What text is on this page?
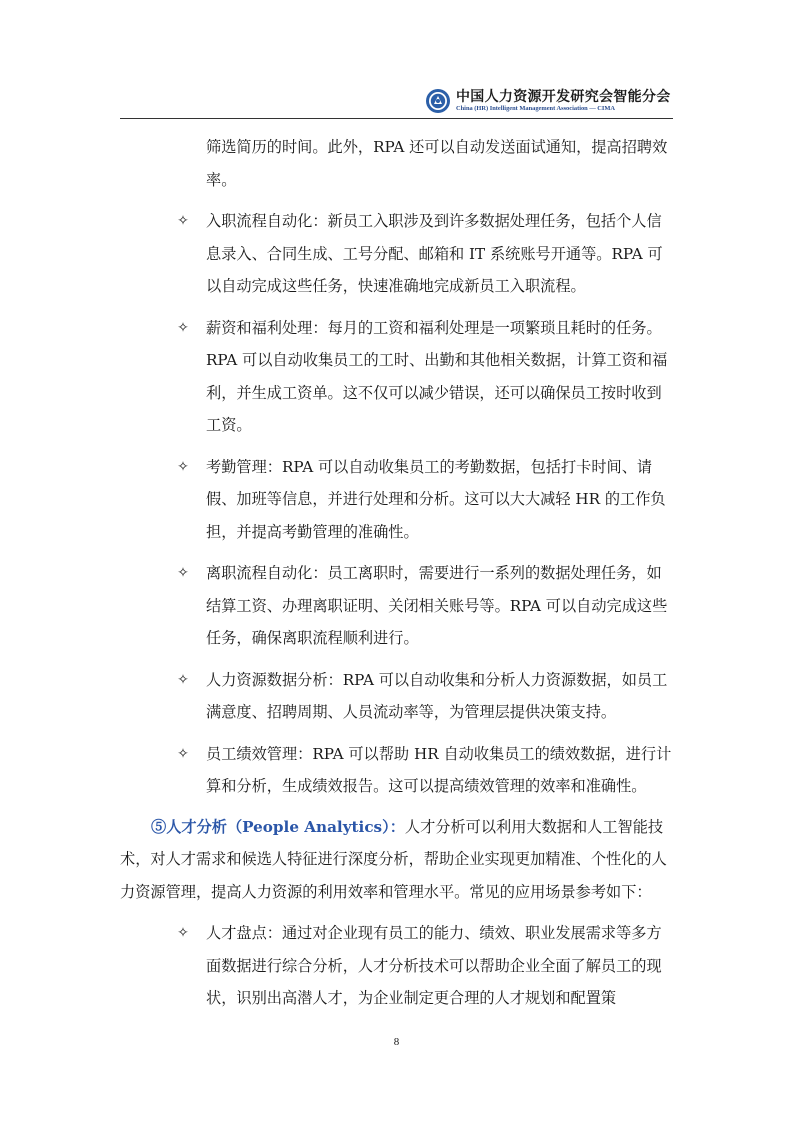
中国人力资源开发研究会智能分会
China (HR) Intelligent Management Association — CIMA
筛选简历的时间。此外，RPA 还可以自动发送面试通知，提高招聘效率。
✧ 入职流程自动化：新员工入职涉及到许多数据处理任务，包括个人信息录入、合同生成、工号分配、邮箱和 IT 系统账号开通等。RPA 可以自动完成这些任务，快速准确地完成新员工入职流程。
✧ 薪资和福利处理：每月的工资和福利处理是一项繁琐且耗时的任务。RPA 可以自动收集员工的工时、出勤和其他相关数据，计算工资和福利，并生成工资单。这不仅可以减少错误，还可以确保员工按时收到工资。
✧ 考勤管理：RPA 可以自动收集员工的考勤数据，包括打卡时间、请假、加班等信息，并进行处理和分析。这可以大大减轻 HR 的工作负担，并提高考勤管理的准确性。
✧ 离职流程自动化：员工离职时，需要进行一系列的数据处理任务，如结算工资、办理离职证明、关闭相关账号等。RPA 可以自动完成这些任务，确保离职流程顺利进行。
✧ 人力资源数据分析：RPA 可以自动收集和分析人力资源数据，如员工满意度、招聘周期、人员流动率等，为管理层提供决策支持。
✧ 员工绩效管理：RPA 可以帮助 HR 自动收集员工的绩效数据，进行计算和分析，生成绩效报告。这可以提高绩效管理的效率和准确性。
⑤人才分析（People Analytics）：人才分析可以利用大数据和人工智能技术，对人才需求和候选人特征进行深度分析，帮助企业实现更加精准、个性化的人力资源管理，提高人力资源的利用效率和管理水平。常见的应用场景参考如下：
✧ 人才盘点：通过对企业现有员工的能力、绩效、职业发展需求等多方面数据进行综合分析，人才分析技术可以帮助企业全面了解员工的现状，识别出高潜人才，为企业制定更合理的人才规划和配置策
8
